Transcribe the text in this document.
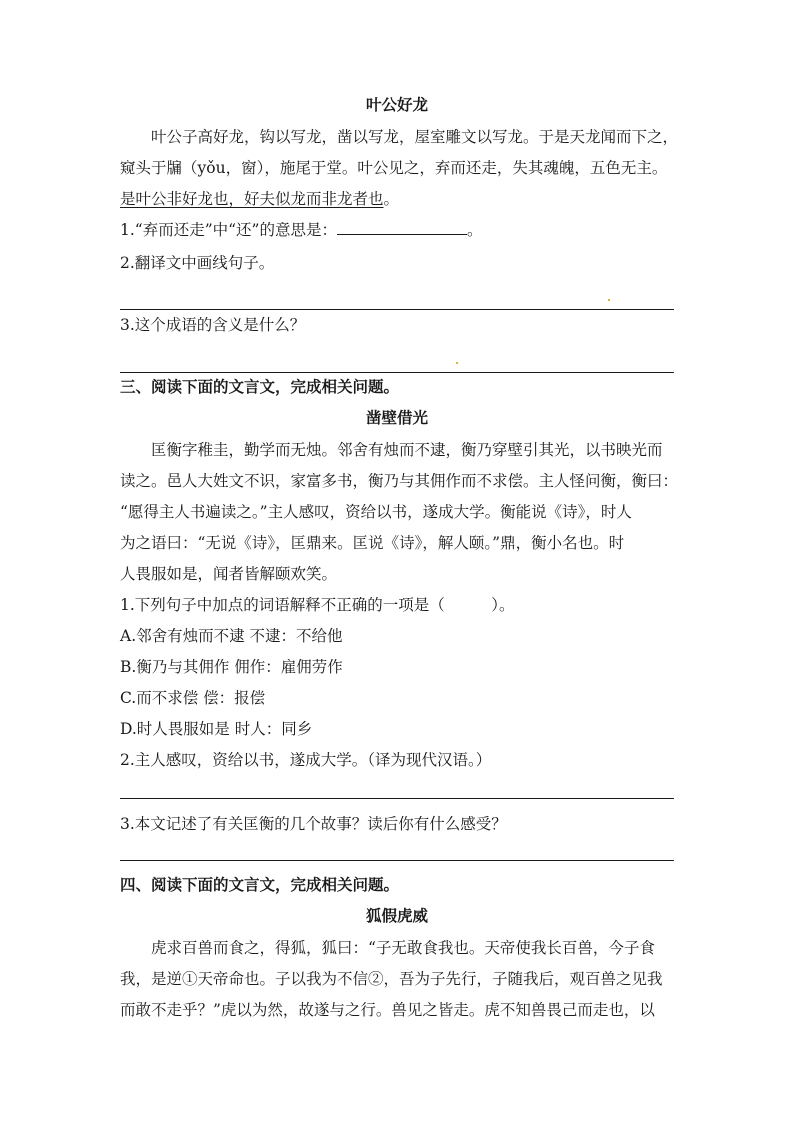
叶公好龙
叶公子高好龙，钩以写龙，凿以写龙，屋室雕文以写龙。于是天龙闻而下之，
窥头于牖（yǒu，窗），施尾于堂。叶公见之，弃而还走，失其魂魄，五色无主。
是叶公非好龙也，好夫似龙而非龙者也。
1.“弃而还走”中“还”的意思是：	。
2.翻译文中画线句子。
3.这个成语的含义是什么？
三、阅读下面的文言文，完成相关问题。
凿壁借光
匡衡字稚圭，勤学而无烛。邻舍有烛而不逮，衡乃穿壁引其光，以书映光而
读之。邑人大姓文不识，家富多书，衡乃与其佣作而不求偿。主人怪问衡，衡曰：
“愿得主人书遍读之。”主人感叹，资给以书，遂成大学。衡能说《诗》，时人
为之语曰：“无说《诗》，匡鼎来。匡说《诗》，解人颐。”鼎，衡小名也。时
人畏服如是，闻者皆解颐欢笑。
1.下列句子中加点的词语解释不正确的一项是（　　　）。
A.邻舍有烛而不逮 不逮：不给他
B.衡乃与其佣作 佣作：雇佣劳作
C.而不求偿 偿：报偿
D.时人畏服如是 时人：同乡
2.主人感叹，资给以书，遂成大学。（译为现代汉语。）
3.本文记述了有关匡衡的几个故事？读后你有什么感受？
四、阅读下面的文言文，完成相关问题。
狐假虎威
虎求百兽而食之，得狐，狐曰：“子无敢食我也。天帝使我长百兽，今子食
我，是逆①天帝命也。子以我为不信②，吾为子先行，子随我后，观百兽之见我
而敢不走乎？”虎以为然，故遂与之行。兽见之皆走。虎不知兽畏己而走也，以
